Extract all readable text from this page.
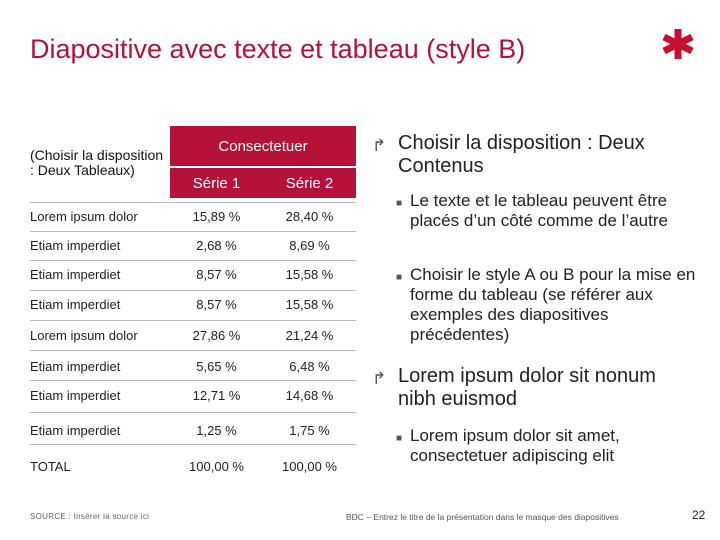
Diapositive avec texte et tableau (style B)
Consectetuer
(Choisir la disposition : Deux Tableaux)
Série 1	Série 2
Lorem ipsum dolor	15,89 %	28,40 %
Etiam imperdiet	2,68 %	8,69 %
Etiam imperdiet	8,57 %	15,58 %
Etiam imperdiet	8,57 %	15,58 %
Lorem ipsum dolor	27,86 %	21,24 %
Etiam imperdiet	5,65 %	6,48 %
Etiam imperdiet	12,71 %	14,68 %
Etiam imperdiet	1,25 %	1,75 %
TOTAL	100,00 %	100,00 %
↱ Choisir la disposition : Deux Contenus
■ Le texte et le tableau peuvent être placés d’un côté comme de l’autre
■ Choisir le style A ou B pour la mise en forme du tableau (se référer aux exemples des diapositives précédentes)
↱ Lorem ipsum dolor sit nonum nibh euismod
■ Lorem ipsum dolor sit amet, consectetuer adipiscing elit
SOURCE : Insérer la source ici	BDC – Entrez le titre de la présentation dans le masque des diapositives	22
